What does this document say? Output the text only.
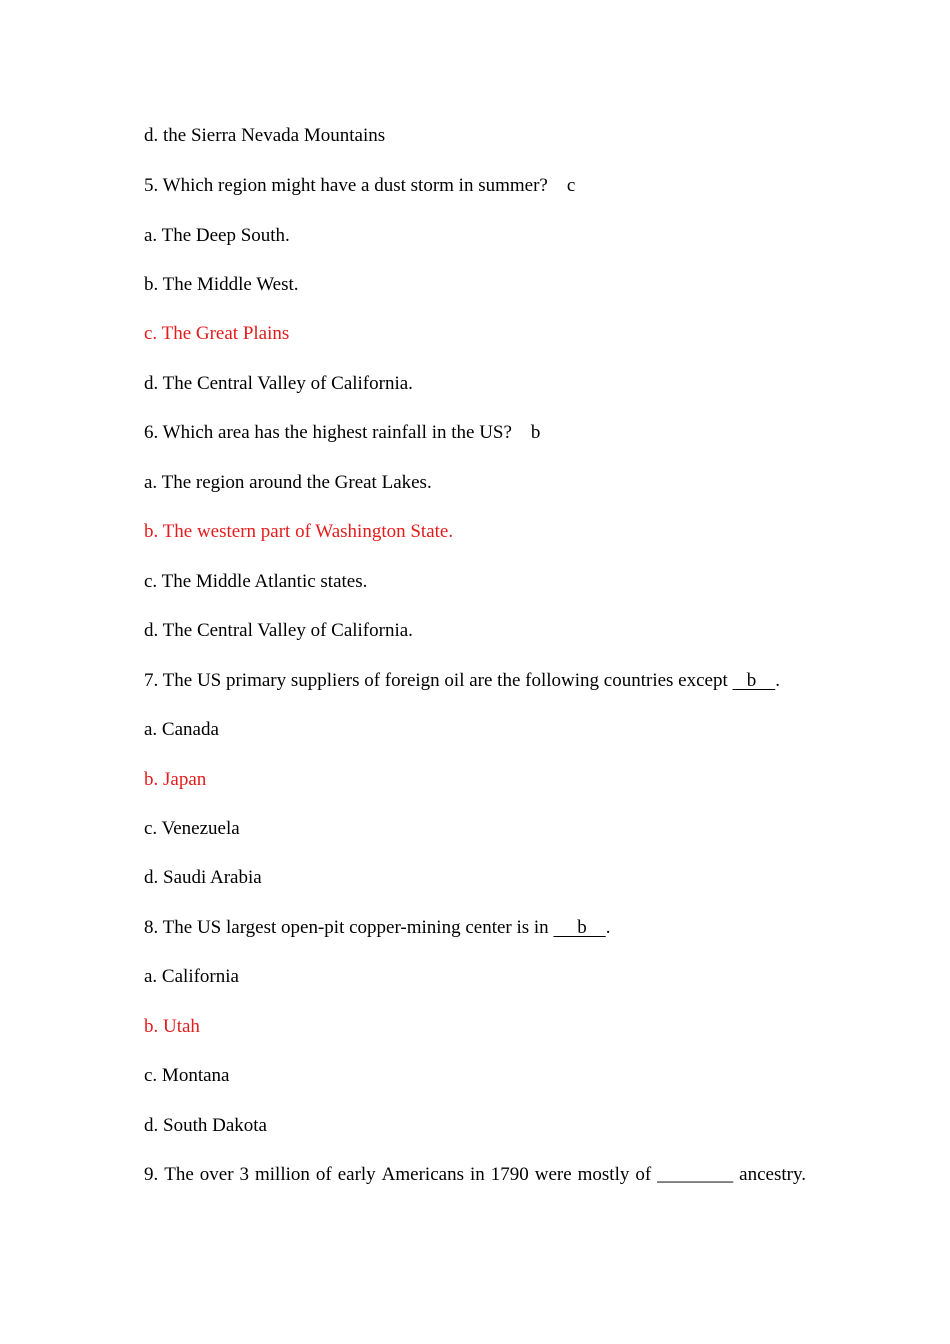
d. the Sierra Nevada Mountains
5. Which region might have a dust storm in summer?    c
a. The Deep South.
b. The Middle West.
c. The Great Plains
d. The Central Valley of California.
6. Which area has the highest rainfall in the US?    b
a. The region around the Great Lakes.
b. The western part of Washington State.
c. The Middle Atlantic states.
d. The Central Valley of California.
7. The US primary suppliers of foreign oil are the following countries except    b    .
a. Canada
b. Japan
c. Venezuela
d. Saudi Arabia
8. The US largest open-pit copper-mining center is in      b    .
a. California
b. Utah
c. Montana
d. South Dakota
9. The over 3 million of early Americans in 1790 were mostly of ________ ancestry.
